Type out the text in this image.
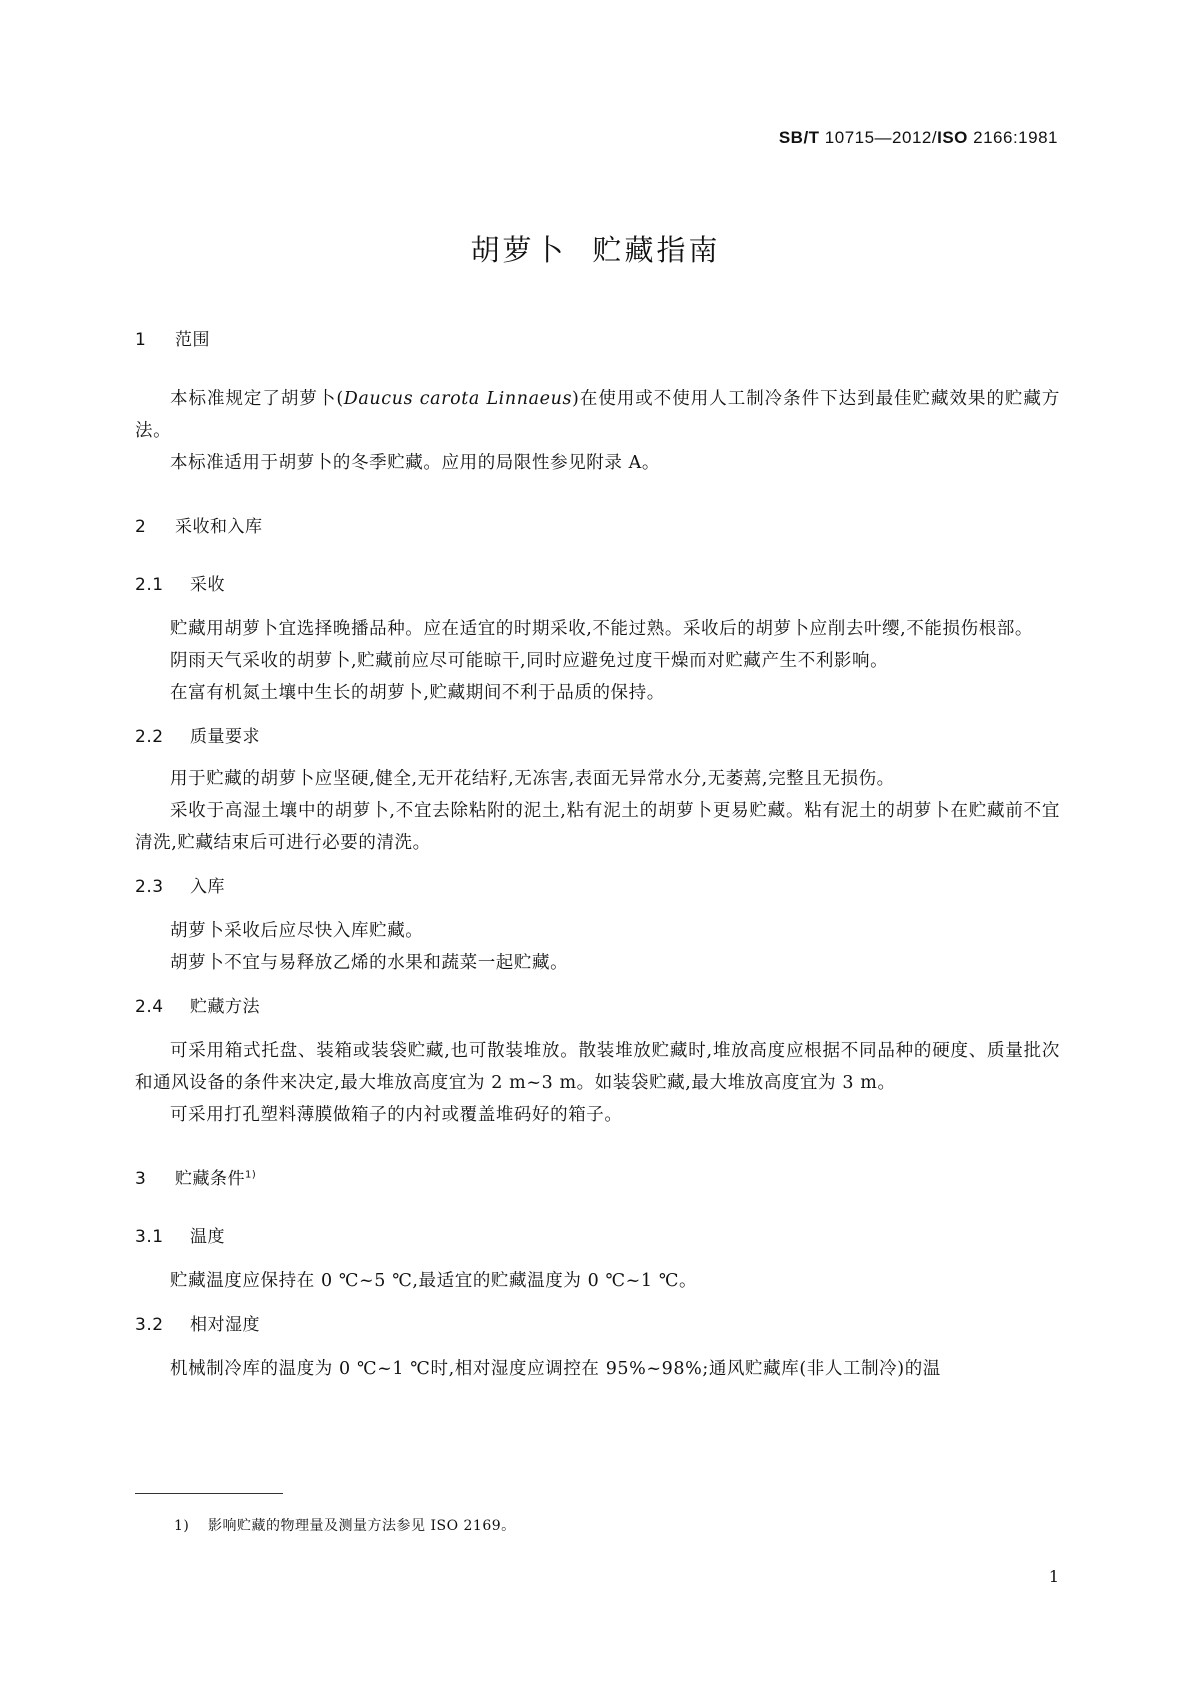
SB/T 10715—2012/ISO 2166:1981
胡萝卜 贮藏指南
1 范围

本标准规定了胡萝卜(Daucus carota Linnaeus)在使用或不使用人工制冷条件下达到最佳贮藏效果的贮藏方法。

本标准适用于胡萝卜的冬季贮藏。应用的局限性参见附录 A。

2 采收和入库
2.1 采收

贮藏用胡萝卜宜选择晚播品种。应在适宜的时期采收,不能过熟。采收后的胡萝卜应削去叶缨,不能损伤根部。

阴雨天气采收的胡萝卜,贮藏前应尽可能晾干,同时应避免过度干燥而对贮藏产生不利影响。

在富有机氮土壤中生长的胡萝卜,贮藏期间不利于品质的保持。

2.2 质量要求

用于贮藏的胡萝卜应坚硬,健全,无开花结籽,无冻害,表面无异常水分,无萎蔫,完整且无损伤。

采收于高湿土壤中的胡萝卜,不宜去除粘附的泥土,粘有泥土的胡萝卜更易贮藏。粘有泥土的胡萝卜在贮藏前不宜清洗,贮藏结束后可进行必要的清洗。

2.3 入库

胡萝卜采收后应尽快入库贮藏。

胡萝卜不宜与易释放乙烯的水果和蔬菜一起贮藏。

2.4 贮藏方法

可采用箱式托盘、装箱或装袋贮藏,也可散装堆放。散装堆放贮藏时,堆放高度应根据不同品种的硬度、质量批次和通风设备的条件来决定,最大堆放高度宜为 2 m~3 m。如装袋贮藏,最大堆放高度宜为 3 m。

可采用打孔塑料薄膜做箱子的内衬或覆盖堆码好的箱子。

3 贮藏条件$^{1)}$
3.1 温度

贮藏温度应保持在 0 ℃~5 ℃,最适宜的贮藏温度为 0 ℃~1 ℃。

3.2 相对湿度

机械制冷库的温度为 0 ℃~1 ℃时,相对湿度应调控在 95%~98%;通风贮藏库(非人工制冷)的温

1) 影响贮藏的物理量及测量方法参见 ISO 2169。
1
